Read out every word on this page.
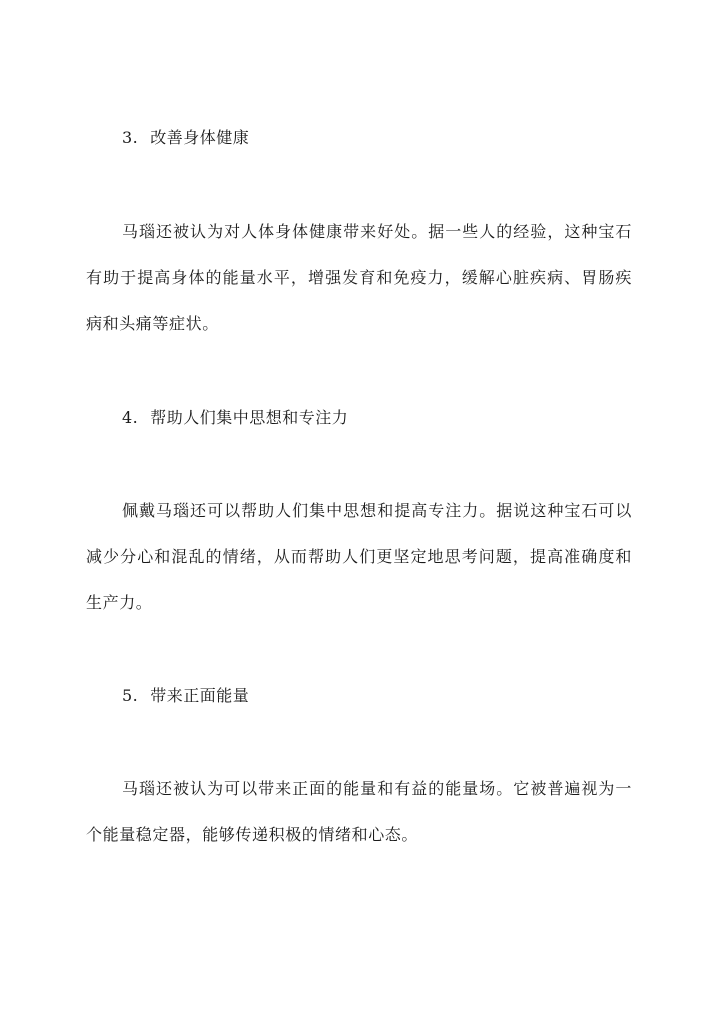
3. 改善身体健康
马瑙还被认为对人体身体健康带来好处。据一些人的经验，这种宝石有助于提高身体的能量水平，增强发育和免疫力，缓解心脏疾病、胃肠疾病和头痛等症状。
4. 帮助人们集中思想和专注力
佩戴马瑙还可以帮助人们集中思想和提高专注力。据说这种宝石可以减少分心和混乱的情绪，从而帮助人们更坚定地思考问题，提高准确度和生产力。
5. 带来正面能量
马瑙还被认为可以带来正面的能量和有益的能量场。它被普遍视为一个能量稳定器，能够传递积极的情绪和心态。
